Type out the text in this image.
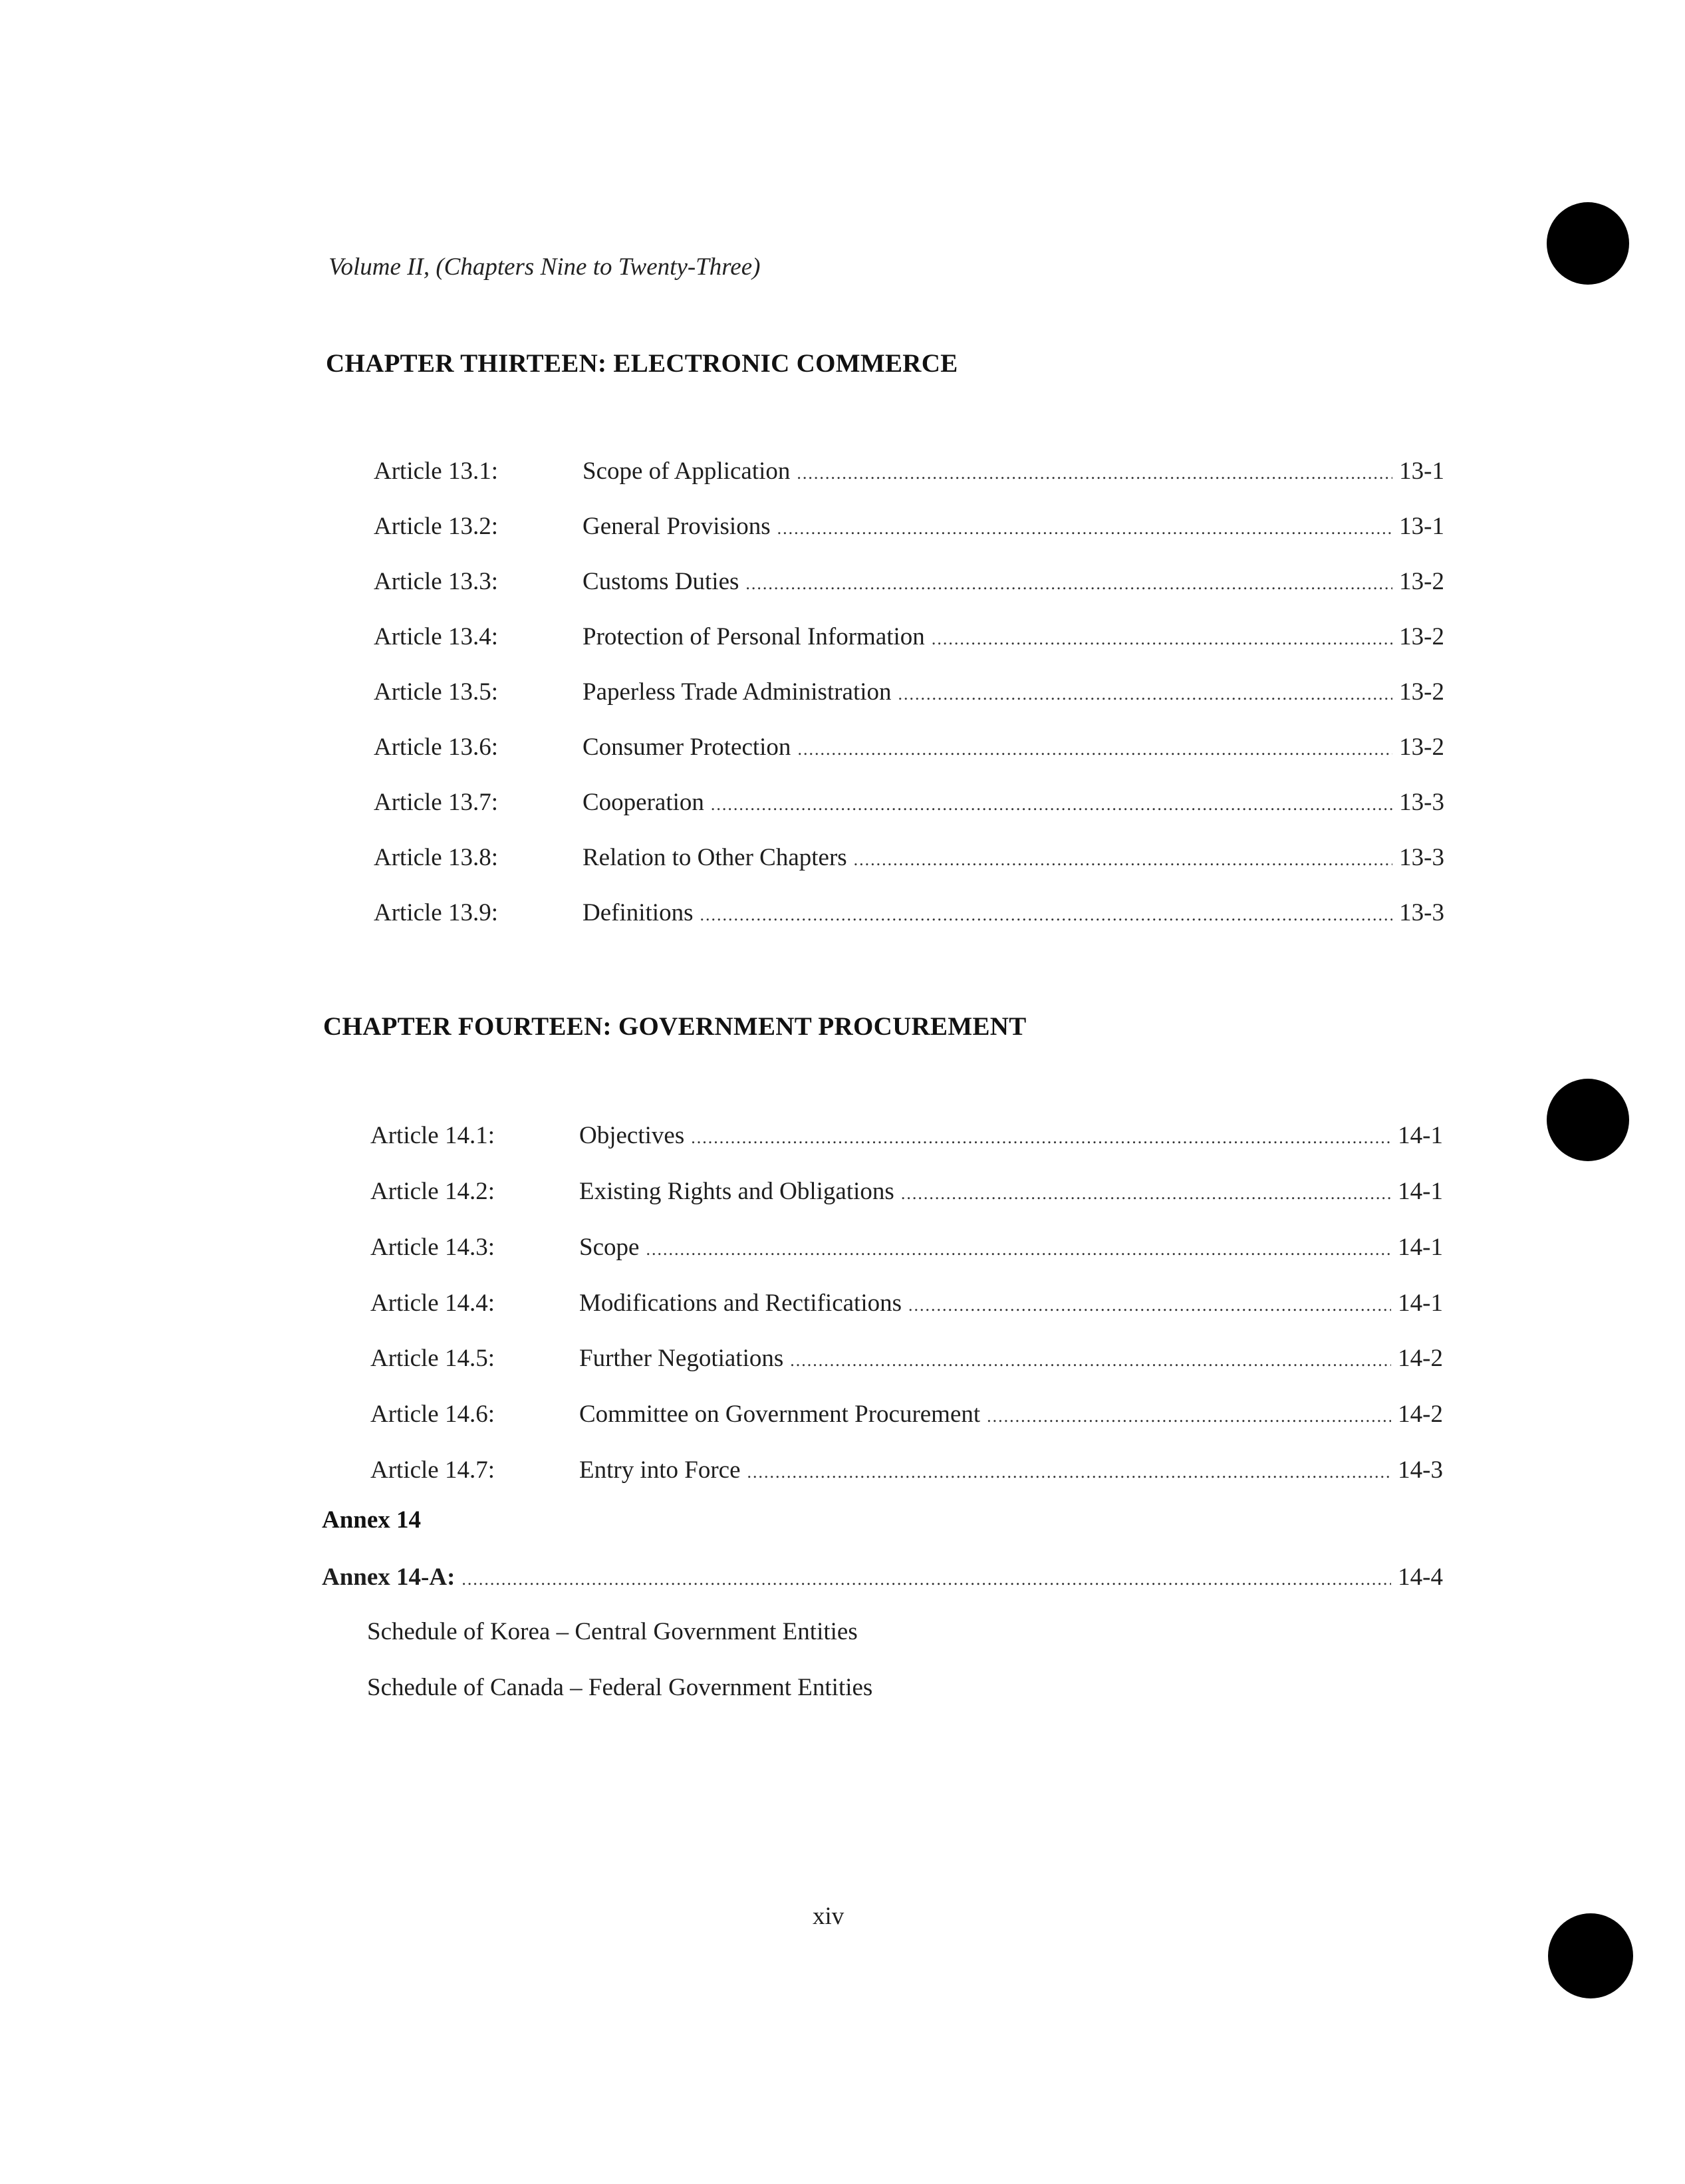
Volume II, (Chapters Nine to Twenty-Three)
CHAPTER THIRTEEN: ELECTRONIC COMMERCE
Article 13.1:	Scope of Application .....	13-1
Article 13.2:	General Provisions .....	13-1
Article 13.3:	Customs Duties .....	13-2
Article 13.4:	Protection of Personal Information .....	13-2
Article 13.5:	Paperless Trade Administration .....	13-2
Article 13.6:	Consumer Protection .....	13-2
Article 13.7:	Cooperation .....	13-3
Article 13.8:	Relation to Other Chapters .....	13-3
Article 13.9:	Definitions .....	13-3
CHAPTER FOURTEEN: GOVERNMENT PROCUREMENT
Article 14.1:	Objectives .....	14-1
Article 14.2:	Existing Rights and Obligations .....	14-1
Article 14.3:	Scope .....	14-1
Article 14.4:	Modifications and Rectifications .....	14-1
Article 14.5:	Further Negotiations .....	14-2
Article 14.6:	Committee on Government Procurement .....	14-2
Article 14.7:	Entry into Force .....	14-3
Annex 14
Annex 14-A: .....	14-4
Schedule of Korea – Central Government Entities
Schedule of Canada – Federal Government Entities
xiv
